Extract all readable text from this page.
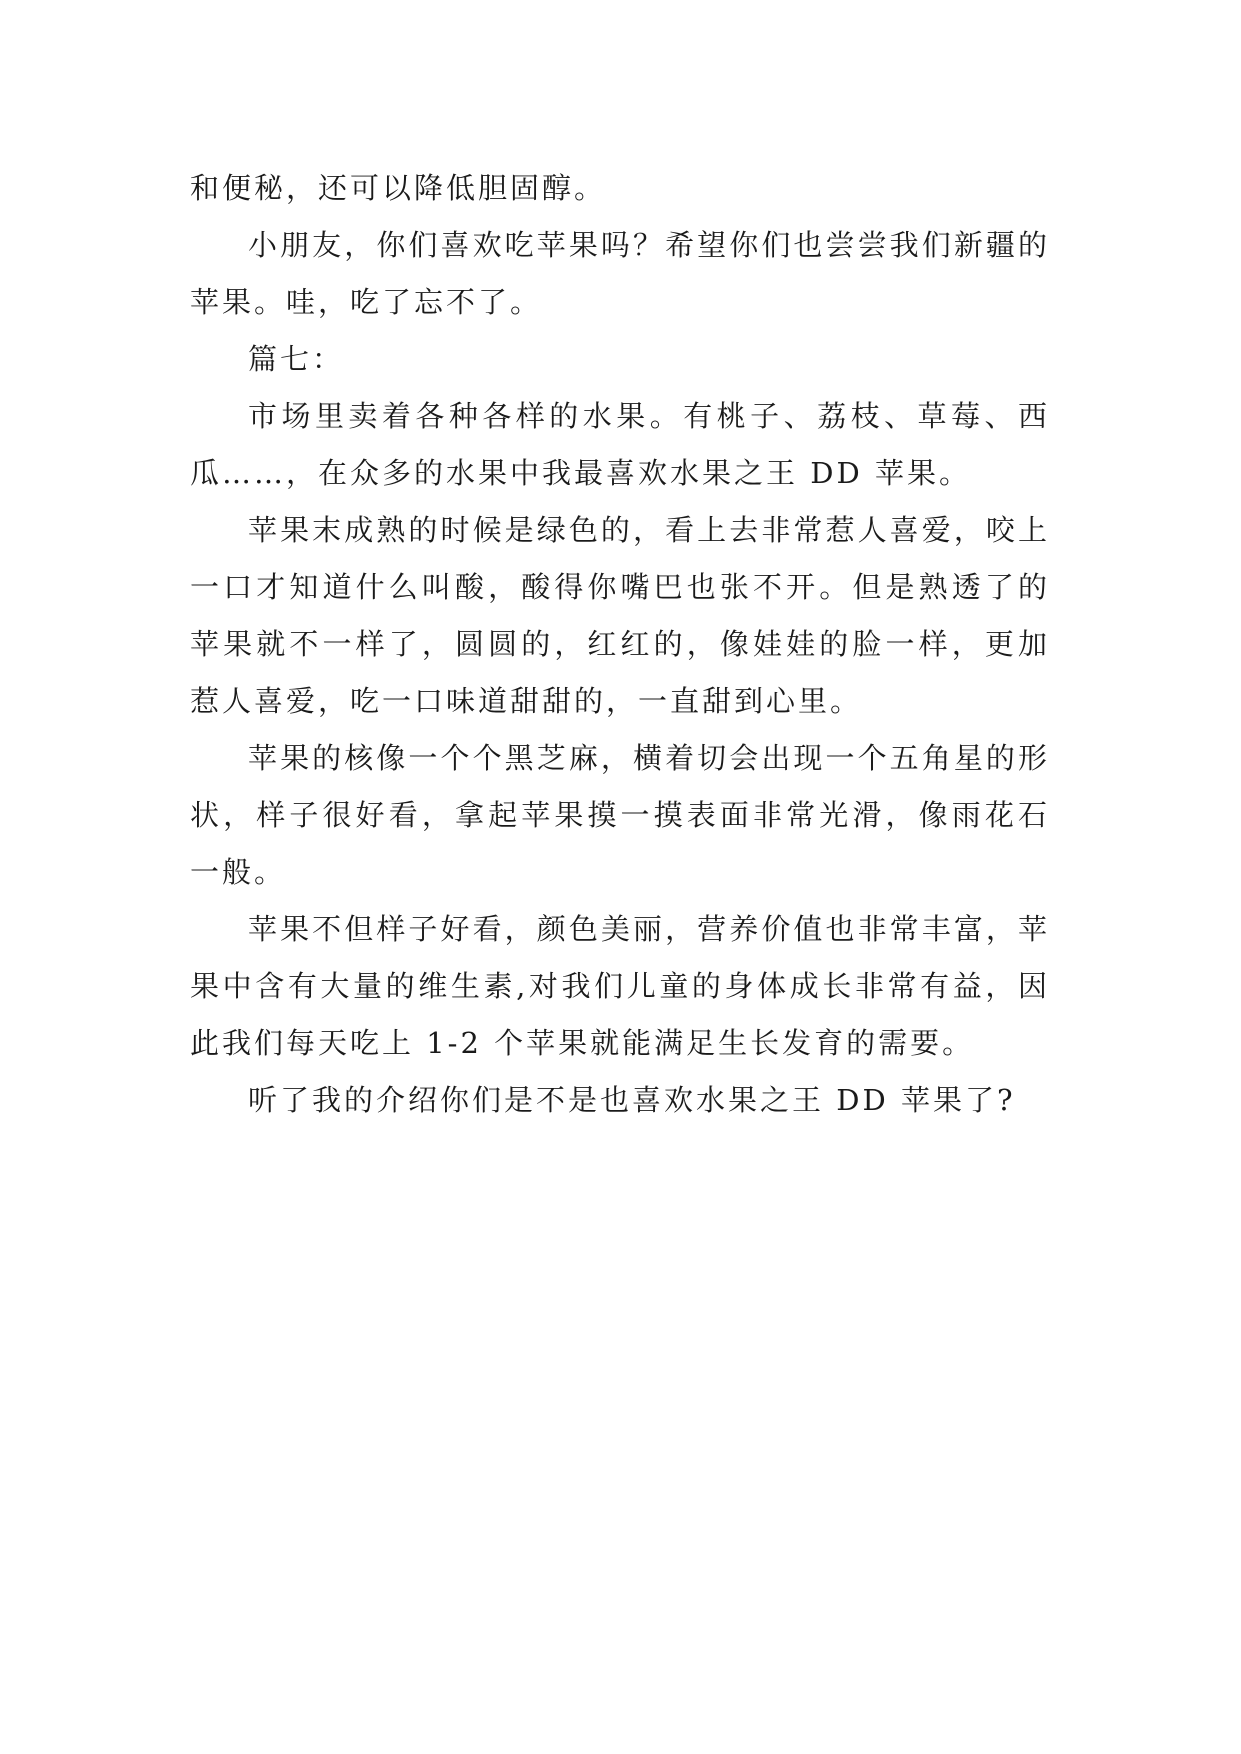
和便秘，还可以降低胆固醇。

小朋友，你们喜欢吃苹果吗？希望你们也尝尝我们新疆的苹果。哇，吃了忘不了。

篇七：

市场里卖着各种各样的水果。有桃子、荔枝、草莓、西瓜……，在众多的水果中我最喜欢水果之王 DD 苹果。

苹果末成熟的时候是绿色的，看上去非常惹人喜爱，咬上一口才知道什么叫酸，酸得你嘴巴也张不开。但是熟透了的苹果就不一样了，圆圆的，红红的，像娃娃的脸一样，更加惹人喜爱，吃一口味道甜甜的，一直甜到心里。

苹果的核像一个个黑芝麻，横着切会出现一个五角星的形状，样子很好看，拿起苹果摸一摸表面非常光滑，像雨花石一般。

苹果不但样子好看，颜色美丽，营养价值也非常丰富，苹果中含有大量的维生素,对我们儿童的身体成长非常有益，因此我们每天吃上 1-2 个苹果就能满足生长发育的需要。

听了我的介绍你们是不是也喜欢水果之王 DD 苹果了?
